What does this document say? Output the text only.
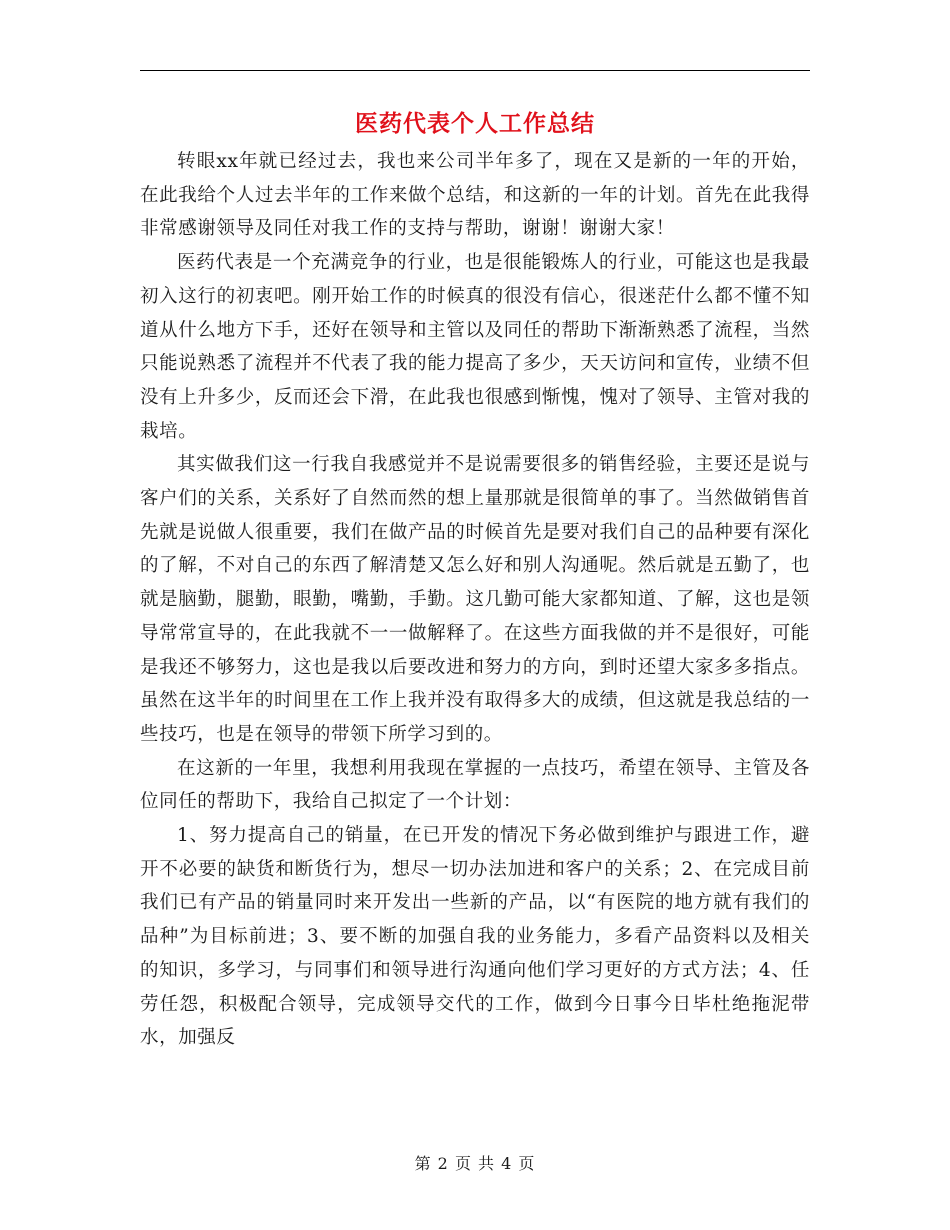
医药代表个人工作总结

转眼xx年就已经过去，我也来公司半年多了，现在又是新的一年的开始，在此我给个人过去半年的工作来做个总结，和这新的一年的计划。首先在此我得非常感谢领导及同任对我工作的支持与帮助，谢谢！谢谢大家！

医药代表是一个充满竞争的行业，也是很能锻炼人的行业，可能这也是我最初入这行的初衷吧。刚开始工作的时候真的很没有信心，很迷茫什么都不懂不知道从什么地方下手，还好在领导和主管以及同任的帮助下渐渐熟悉了流程，当然只能说熟悉了流程并不代表了我的能力提高了多少，天天访问和宣传，业绩不但没有上升多少，反而还会下滑，在此我也很感到惭愧，愧对了领导、主管对我的栽培。

其实做我们这一行我自我感觉并不是说需要很多的销售经验，主要还是说与客户们的关系，关系好了自然而然的想上量那就是很简单的事了。当然做销售首先就是说做人很重要，我们在做产品的时候首先是要对我们自己的品种要有深化的了解，不对自己的东西了解清楚又怎么好和别人沟通呢。然后就是五勤了，也就是脑勤，腿勤，眼勤，嘴勤，手勤。这几勤可能大家都知道、了解，这也是领导常常宣导的，在此我就不一一做解释了。在这些方面我做的并不是很好，可能是我还不够努力，这也是我以后要改进和努力的方向，到时还望大家多多指点。虽然在这半年的时间里在工作上我并没有取得多大的成绩，但这就是我总结的一些技巧，也是在领导的带领下所学习到的。

在这新的一年里，我想利用我现在掌握的一点技巧，希望在领导、主管及各位同任的帮助下，我给自己拟定了一个计划：

1、努力提高自己的销量，在已开发的情况下务必做到维护与跟进工作，避开不必要的缺货和断货行为，想尽一切办法加进和客户的关系；2、在完成目前我们已有产品的销量同时来开发出一些新的产品，以“有医院的地方就有我们的品种”为目标前进；3、要不断的加强自我的业务能力，多看产品资料以及相关的知识，多学习，与同事们和领导进行沟通向他们学习更好的方式方法；4、任劳任怨，积极配合领导，完成领导交代的工作，做到今日事今日毕杜绝拖泥带水，加强反

第 2 页 共 4 页
